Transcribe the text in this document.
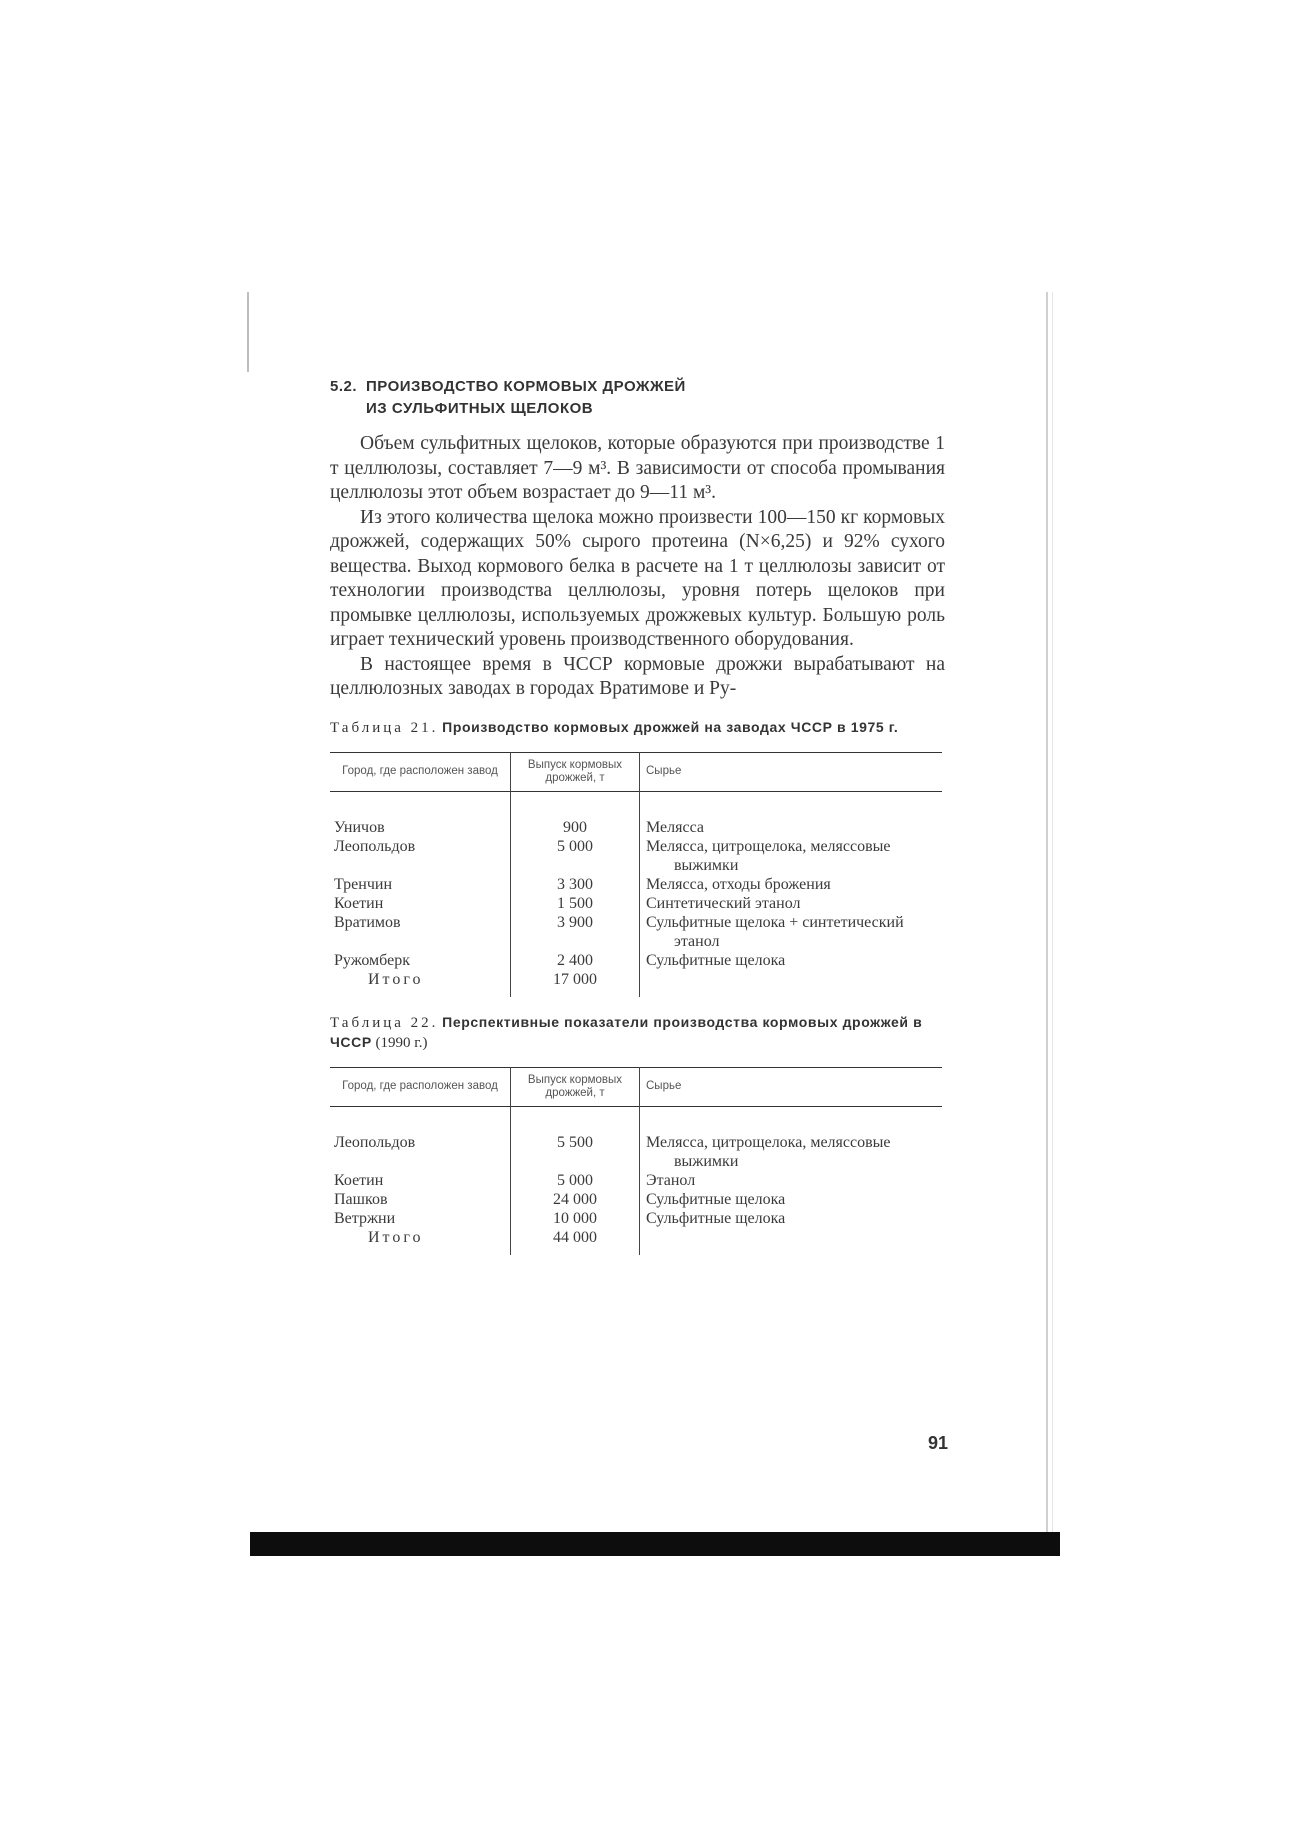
5.2. ПРОИЗВОДСТВО КОРМОВЫХ ДРОЖЖЕЙ
ИЗ СУЛЬФИТНЫХ ЩЕЛОКОВ

Объем сульфитных щелоков, которые образуются при производстве 1 т целлюлозы, составляет 7—9 м³. В зависимости от способа промывания целлюлозы этот объем возрастает до 9—11 м³.

Из этого количества щелока можно произвести 100—150 кг кормовых дрожжей, содержащих 50% сырого протеина (N×6,25) и 92% сухого вещества. Выход кормового белка в расчете на 1 т целлюлозы зависит от технологии производства целлюлозы, уровня потерь щелоков при промывке целлюлозы, используемых дрожжевых культур. Большую роль играет технический уровень производственного оборудования.

В настоящее время в ЧССР кормовые дрожжи вырабатывают на целлюлозных заводах в городах Вратимове и Ру-

Таблица 21. Производство кормовых дрожжей на заводах ЧССР в 1975 г.
Город, где расположен завод	Выпуск кормовых дрожжей, т	Сырье

Уничов	900	Меляcса
Леопольдов	5 000	Меляcса, цитрощелока, меляссовые
выжимки

Тренчин	3 300	Меляcса, отходы брожения
Коетин	1 500	Синтетический этанол
Вратимов	3 900	Сульфитные щелока + синтетический
этанол

Ружомберк	2 400	Сульфитные щелока
Итого	17 000	
Таблица 22. Перспективные показатели производства кормовых дрожжей в ЧССР (1990 г.)
Город, где расположен завод	Выпуск кормовых дрожжей, т	Сырье

Леопольдов	5 500	Меляcса, цитрощелока, меляссовые
выжимки

Коетин	5 000	Этанол
Пашков	24 000	Сульфитные щелока
Ветржни	10 000	Сульфитные щелока
Итого	44 000	
91
